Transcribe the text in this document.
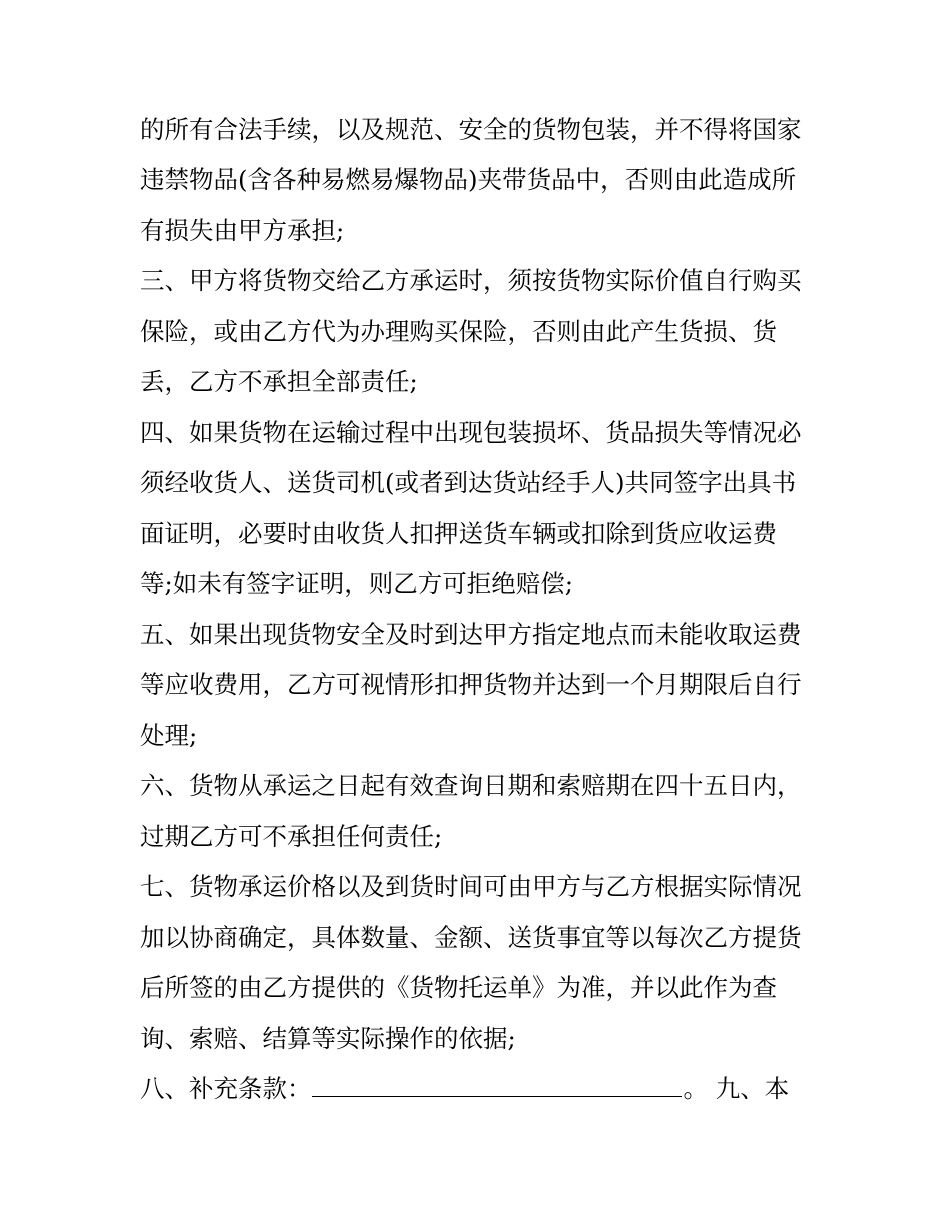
的所有合法手续，以及规范、安全的货物包装，并不得将国家
违禁物品(含各种易燃易爆物品)夹带货品中，否则由此造成所
有损失由甲方承担;
三、甲方将货物交给乙方承运时，须按货物实际价值自行购买
保险，或由乙方代为办理购买保险，否则由此产生货损、货
丢，乙方不承担全部责任;
四、如果货物在运输过程中出现包装损坏、货品损失等情况必
须经收货人、送货司机(或者到达货站经手人)共同签字出具书
面证明，必要时由收货人扣押送货车辆或扣除到货应收运费
等;如未有签字证明，则乙方可拒绝赔偿;
五、如果出现货物安全及时到达甲方指定地点而未能收取运费
等应收费用，乙方可视情形扣押货物并达到一个月期限后自行
处理;
六、货物从承运之日起有效查询日期和索赔期在四十五日内，
过期乙方可不承担任何责任;
七、货物承运价格以及到货时间可由甲方与乙方根据实际情况
加以协商确定，具体数量、金额、送货事宜等以每次乙方提货
后所签的由乙方提供的《货物托运单》为准，并以此作为查
询、索赔、结算等实际操作的依据;
八、补充条款：	。 九、本
